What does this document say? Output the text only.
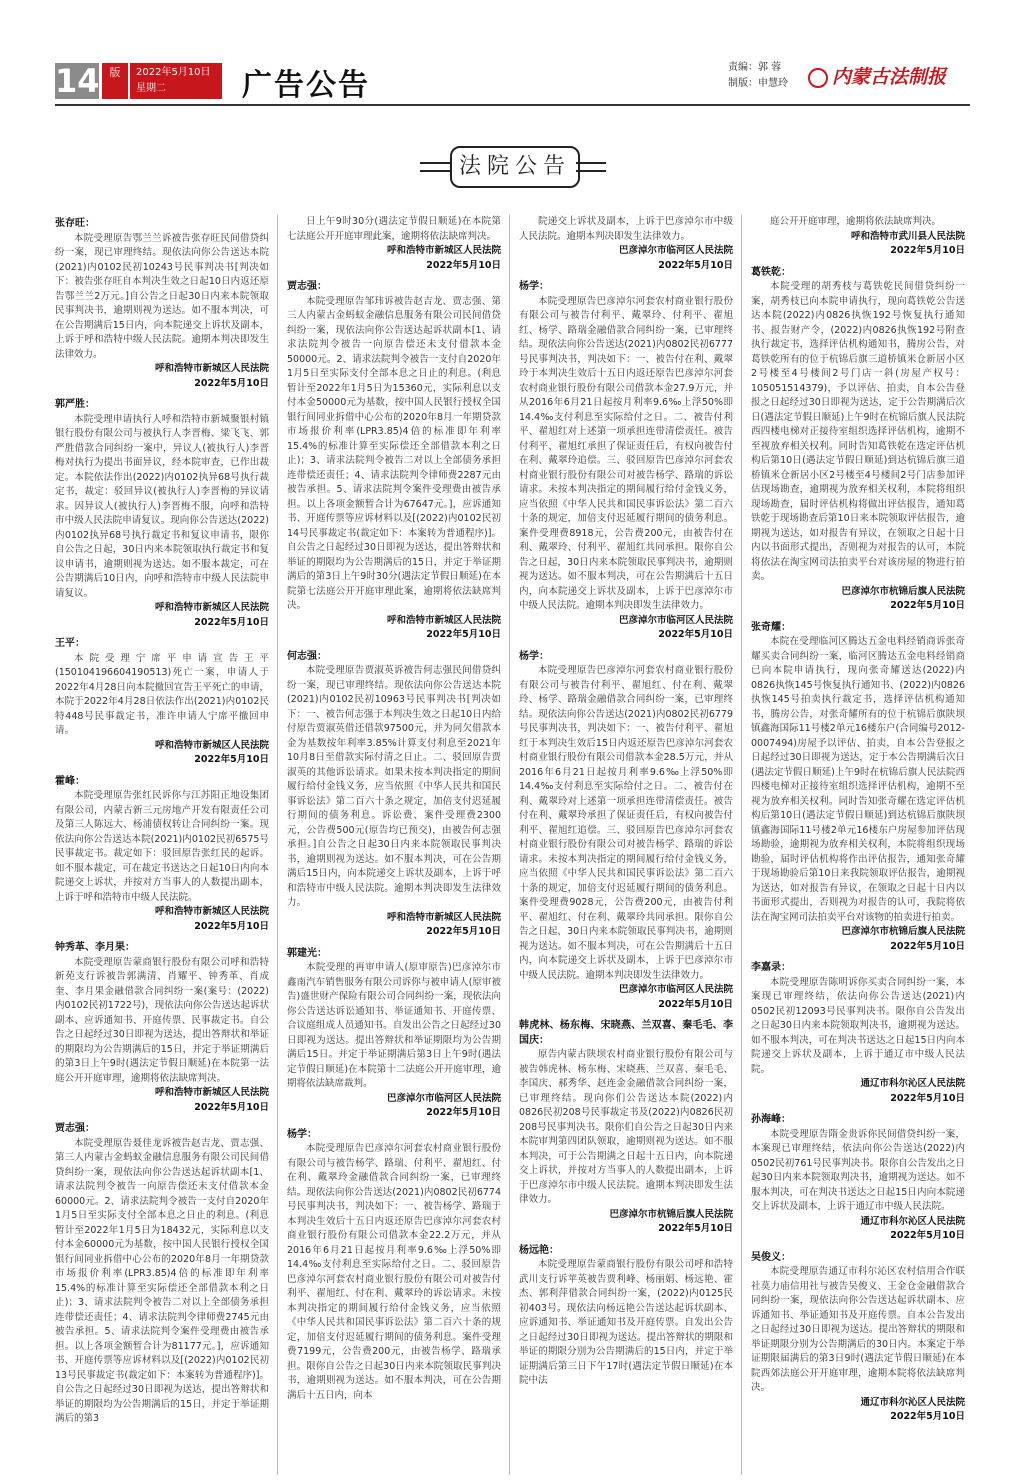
14 版	2022年5月10日
星期二	广告公告
责编：郭 蓉
制版：申慧玲	内蒙古法制报
法院公告

张存旺：

本院受理原告鄂兰兰诉被告张存旺民间借贷纠纷一案，现已审理终结。现依法向你公告送达本院(2021)内0102民初10243号民事判决书[判决如下：被告张存旺自本判决生效之日起10日内返还原告鄂兰兰2万元。]自公告之日起30日内来本院领取民事判决书，逾期则视为送达。如不服本判决，可在公告期满后15日内，向本院递交上诉状及副本，上诉于呼和浩特中级人民法院。逾期本判决即发生法律效力。

呼和浩特市新城区人民法院

2022年5月10日

郭严胜：

本院受理申请执行人呼和浩特市新城聚银村镇银行股份有限公司与被执行人李晋梅、梁飞飞、郭严胜借款合同纠纷一案中，异议人(被执行人)李晋梅对执行为提出书面异议，经本院审查，已作出裁定。本院依法作出(2022)内0102执异68号执行裁定书，裁定：驳回异议(被执行人)李晋梅的异议请求。因异议人(被执行人)李晋梅不服，向呼和浩特市中级人民法院申请复议。现向你公告送达(2022)内0102执异68号执行裁定书和复议申请书，限你自公告之日起，30日内来本院领取执行裁定书和复议申请书，逾期则视为送达。如不服本裁定，可在公告期满后10日内，向呼和浩特市中级人民法院申请复议。

呼和浩特市新城区人民法院

2022年5月10日

王平：

本院受理宁席平申请宣告王平(150104196604190513)死亡一案，申请人于2022年4月28日向本院撤回宣告王平死亡的申请，本院于2022年4月28日依法作出(2021)内0102民特448号民事裁定书，准许申请人宁席平撤回申请。

呼和浩特市新城区人民法院

2022年5月10日

霍峰：

本院受理原告张红民诉你与江苏阳正地设集团有限公司，内蒙古新三元房地产开发有限责任公司及第三人陈远大、杨浦债权转让合同纠纷一案。现依法向你公告送达本院(2021)内0102民初6575号民事裁定书。裁定如下：驳回原告张红民的起诉。如不服本裁定，可在裁定书送达之日起10日内向本院递交上诉状，并按对方当事人的人数提出副本，上诉于呼和浩特市中级人民法院。

呼和浩特市新城区人民法院

2022年5月10日

钟秀革、李月果：

本院受理原告蒙商银行股份有限公司呼和浩特新苑支行诉被告郭满清、肖耀平、钟秀革、肖成奎、李月果金融借款合同纠纷一案(案号：(2022)内0102民初1722号)，现依法向你公告送达起诉状副本、应诉通知书、开庭传票、民事裁定书。自公告之日起经过30日即视为送达，提出答辩状和举证的期限均为公告期满后的15日，并定于举证期满后的第3日上午9时(遇法定节假日顺延)在本院第一法庭公开开庭审理，逾期将依法缺席判决。

呼和浩特市新城区人民法院

2022年5月10日

贾志强：

本院受理原告聂佳龙诉被告赵吉龙、贾志强、第三人内蒙古金蚂蚁金融信息服务有限公司民间借贷纠纷一案，现依法向你公告送达起诉状副本[1、请求法院判令被告一向原告偿还未支付借款本金60000元。2、请求法院判令被告一支付自2020年1月5日至实际支付全部本息之日止的利息。(利息暂计至2022年1月5日为18432元，实际利息以支付本金60000元为基数，按中国人民银行授权全国银行间同业拆借中心公布的2020年8月一年期贷款市场报价利率(LPR3.85)4倍的标准即年利率15.4%的标准计算至实际偿还全部借款本利之日止)；3、请求法院判令被告二对以上全部债务承担连带偿还责任；4、请求法院判令律师费2745元由被告承担。5、请求法院判令案件受理费由被告承担。以上各项金额暂合计为81177元。]，应诉通知书、开庭传票等应诉材料以及[(2022)内0102民初13号民事裁定书(裁定如下：本案转为普通程序)]。自公告之日起经过30日即视为送达，提出答辩状和举证的期限均为公告期满后的15日，并定于举证期满后的第3

日上午9时30分(遇法定节假日顺延)在本院第七法庭公开开庭审理此案，逾期将依法缺席判决。

呼和浩特市新城区人民法院

2022年5月10日

贾志强：

本院受理原告邹玮诉被告赵吉龙、贾志强、第三人内蒙古金蚂蚁金融信息服务有限公司民间借贷纠纷一案，现依法向你公告送达起诉状副本[1、请求法院判令被告一向原告偿还未支付借款本金50000元。2、请求法院判令被告一支付自2020年1月5日至实际支付全部本息之日止的利息。(利息暂计至2022年1月5日为15360元，实际利息以支付本金50000元为基数，按中国人民银行授权全国银行间同业拆借中心公布的2020年8月一年期贷款市场报价利率(LPR3.85)4倍的标准即年利率15.4%的标准计算至实际偿还全部借款本利之日止)；3、请求法院判令被告二对以上全部债务承担连带偿还责任；4、请求法院判令律师费2287元由被告承担。5、请求法院判令案件受理费由被告承担。以上各项金额暂合计为67647元。]，应诉通知书、开庭传票等应诉材料以及[(2022)内0102民初14号民事裁定书(裁定如下：本案转为普通程序)]。自公告之日起经过30日即视为送达，提出答辩状和举证的期限均为公告期满后的15日，并定于举证期满后的第3日上午9时30分(遇法定节假日顺延)在本院第七法庭公开开庭审理此案，逾期将依法缺席判决。

呼和浩特市新城区人民法院

2022年5月10日

何志强：

本院受理原告贾淑英诉被告何志强民间借贷纠纷一案，现已审理终结。现依法向你公告送达本院(2021)内0102民初10963号民事判决书[判决如下：一、被告何志强于本判决生效之日起10日内给付原告贾淑英借还借款97500元，并为同欠借款本金为基数按年利率3.85%计算支付利息至2021年10月8日至借款实际付清之日止。二、驳回原告贾淑英的其他诉讼请求。如果未按本判决指定的期间履行给付金钱义务，应当依照《中华人民共和国民事诉讼法》第二百六十条之规定，加倍支付迟延履行期间的债务利息。诉讼费、案件受理费2300元，公告费500元(原告均已预交)，由被告何志强承担。]自公告之日起30日内来本院领取民事判决书，逾期则视为送达。如不服本判决，可在公告期满后15日内，向本院递交上诉状及副本，上诉于呼和浩特市中级人民法院。逾期本判决即发生法律效力。

呼和浩特市新城区人民法院

2022年5月10日

郭建光：

本院受理的再审申请人(原审原告)巴彦淖尔市鑫南汽车销售服务有限公司诉你与被申请人(原审被告)盛世财产保险有限公司合同纠纷一案，现依法向你公告送达诉讼通知书、举证通知书、开庭传票、合议庭组成人员通知书。自发出公告之日起经过30日即视为送达。提出答辩状和举证期限均为公告期满后15日。并定于举证期满后第3日上午9时(遇法定节假日顺延)在本院第十二法庭公开开庭审理，逾期将依法缺席裁判。

巴彦淖尔市临河区人民法院

2022年5月10日

杨学：

本院受理原告巴彦淖尔河套农村商业银行股份有限公司与被告杨学、路瑞、付利平、翟旭红、付在利、戴翠玲金融借款合同纠纷一案，已审理终结。现依法向你公告送达(2021)内0802民初6774号民事判决书，判决如下：一、被告杨学、路瑞于本判决生效后十五日内返还原告巴彦淖尔河套农村商业银行股份有限公司借款本金22.2万元，并从2016年6月21日起按月利率9.6‰上浮50%即14.4‰支付利息至实际给付之日。二、驳回原告巴彦淖尔河套农村商业银行股份有限公司对被告付利平、翟旭红、付在利、戴翠玲的诉讼请求。未按本判决指定的期间履行给付金钱义务，应当依照《中华人民共和国民事诉讼法》第二百六十条的规定，加倍支付迟延履行期间的债务利息。案件受理费7199元，公告费200元，由被告杨学、路瑞承担。限你自公告之日起30日内来本院领取民事判决书，逾期则视为送达。如不服本判决，可在公告期满后十五日内，向本

院递交上诉状及副本，上诉于巴彦淖尔市中级人民法院。逾期本判决即发生法律效力。

巴彦淖尔市临河区人民法院

2022年5月10日

杨学：

本院受理原告巴彦淖尔河套农村商业银行股份有限公司与被告付利平、戴翠玲、付利平、翟旭红、杨学、路瑞金融借款合同纠纷一案，已审理终结。现依法向你公告送达(2021)内0802民初6777号民事判决书，判决如下：一、被告付在利、戴翠玲于本判决生效后十五日内返还原告巴彦淖尔河套农村商业银行股份有限公司借款本金27.9万元，并从2016年6月21日起按月利率9.6‰上浮50%即14.4‰支付利息至实际给付之日。二、被告付利平、翟旭红对上述第一项承担连带清偿责任。被告付利平、翟旭红承担了保证责任后，有权向被告付在利、戴翠玲追偿。三、驳回原告巴彦淖尔河套农村商业银行股份有限公司对被告杨学、路瑞的诉讼请求。未按本判决指定的期间履行给付金钱义务，应当依照《中华人民共和国民事诉讼法》第二百六十条的规定，加倍支付迟延履行期间的债务利息。案件受理费8918元，公告费200元，由被告付在利、戴翠玲、付利平、翟旭红共同承担。限你自公告之日起，30日内来本院领取民事判决书，逾期则视为送达。如不服本判决，可在公告期满后十五日内，向本院递交上诉状及副本，上诉于巴彦淖尔市中级人民法院。逾期本判决即发生法律效力。

巴彦淖尔市临河区人民法院

2022年5月10日

杨学：

本院受理原告巴彦淖尔河套农村商业银行股份有限公司与被告付利平、翟旭红、付在利、戴翠玲、杨学、路瑞金融借款合同纠纷一案，已审理终结。现依法向你公告送达(2021)内0802民初6779号民事判决书，判决如下：一、被告付利平、翟旭红于本判决生效后15日内返还原告巴彦淖尔河套农村商业银行股份有限公司借款本金28.5万元，并从2016年6月21日起按月利率9.6‰上浮50%即14.4‰支付利息至实际给付之日。二、被告付在利、戴翠玲对上述第一项承担连带清偿责任。被告付在利、戴翠玲承担了保证责任后，有权向被告付利平、翟旭红追偿。三、驳回原告巴彦淖尔河套农村商业银行股份有限公司对被告杨学、路瑞的诉讼请求。未按本判决指定的期间履行给付金钱义务，应当依照《中华人民共和国民事诉讼法》第二百六十条的规定，加倍支付迟延履行期间的债务利息。案件受理费9028元，公告费200元，由被告付利平、翟旭红、付在利、戴翠玲共同承担。限你自公告之日起，30日内来本院领取民事判决书，逾期则视为送达。如不服本判决，可在公告期满后十五日内，向本院递交上诉状及副本，上诉于巴彦淖尔市中级人民法院。逾期本判决即发生法律效力。

巴彦淖尔市临河区人民法院

2022年5月10日

韩虎林、杨东梅、宋晓燕、兰双喜、秦毛毛、李国庆：

原告内蒙古陕坝农村商业银行股份有限公司与被告韩虎林、杨东梅、宋晓燕、兰双喜、秦毛毛、李国庆、郝秀华、赵连金金融借款合同纠纷一案，已审理终结。现向你们公告送达本院(2022)内0826民初208号民事裁定书及(2022)内0826民初208号民事判决书。限你们自公告之日起30日内来本院审判第四团队领取，逾期则视为送达。如不服本判决，可于公告期满之日起十五日内，向本院递交上诉状，并按对方当事人的人数提出副本，上诉于巴彦淖尔市中级人民法院。逾期本判决即发生法律效力。

巴彦淖尔市杭锦后旗人民法院

2022年5月10日

杨远艳：

本院受理原告蒙商银行股份有限公司呼和浩特武川支行诉苹英被告贾利峰、杨丽娟、杨远艳、霍杰、郭利萍借款合同纠纷一案，(2022)内0125民初403号。现依法向杨远艳公告送达起诉状副本、应诉通知书、举证通知书及开庭传票。自发出公告之日起经过30日即视为送达。提出答辩状的期限和举证的期限分别为公告期满后的15日内，并定于举证期满后第三日下午17时(遇法定节假日顺延)在本院中法

庭公开开庭审理，逾期将依法缺席判决。

呼和浩特市武川县人民法院

2022年5月10日

葛铁乾：

本院受理的胡秀枝与葛铁乾民间借贷纠纷一案，胡秀枝已向本院申请执行，现向葛铁乾公告送达本院(2022)内0826执恢192号恢复执行通知书、报告财产令，(2022)内0826执恢192号附查执行裁定书，选择评估机构通知书，腾房公告，对葛铁乾所有的位于杭锦后旗三道桥镇米仓新居小区2号楼至4号楼间2号门店一斜(房屋产权号：105051514379)，予以评估、拍卖，自本公告登报之日起经过30日即视为送达，定于公告期满后次日(遇法定节假日顺延)上午9时在杭锦后旗人民法院西四楼电梯对正接待室组织选择评估机构，逾期不至视放弃相关权利。同时告知葛铁乾在选定评估机构后第10日(遇法定节假日顺延)到达杭锦后旗三道桥镇米仓新居小区2号楼至4号楼间2号门店参加评估现场勘查，逾期视为放弃相关权利，本院将组织现场勘查，届时评估机构将做出评估报告，通知葛铁乾于现场勘查后第10日来本院领取评估报告，逾期视为送达，如对报告有异议，在领取之日起十日内以书面形式提出，否则视为对报告的认可，本院将依法在淘宝网司法拍卖平台对该房屋的物进行拍卖。

巴彦淖尔市杭锦后旗人民法院

2022年5月10日

张奇耀：

本院在受理临河区腾达五金电料经销商诉张奇耀买卖合同纠纷一案，临河区腾达五金电料经销商已向本院申请执行，现向张奇耀送达(2022)内0826执恢145号恢复执行通知书、(2022)内0826执恢145号拍卖执行裁定书，选择评估机构通知书，腾房公告，对张奇耀所有的位于杭锦后旗陕坝镇鑫海国际11号楼2单元16楼东户(合同编号2012-0007494)房屋予以评估、拍卖，自本公告登报之日起经过30日即视为送达，定于本公告期满后次日(遇法定节假日顺延)上午9时在杭锦后旗人民法院西四楼电梯对正接待室组织选择评估机构，逾期不至视为放弃相关权利。同时告知张奇耀在选定评估机构后第10日(遇法定节假日顺延)到达杭锦后旗陕坝镇鑫海国际11号楼2单元16楼东户房屋参加评估现场勘验，逾期视为放弃相关权利，本院将组织现场勘验，届时评估机构将作出评估报告，通知张奇耀于现场勘验后第10日来我院领取评估报告，逾期视为送达，如对报告有异议，在领取之日起十日内以书面形式提出，否则视为对报告的认可，我院将依法在淘宝网司法拍卖平台对该物的拍卖进行拍卖。

巴彦淖尔市杭锦后旗人民法院

2022年5月10日

李嘉录：

本院受理原告陈明诉你买卖合同纠纷一案，本案现已审理终结，依法向你公告送达(2021)内0502民初12093号民事判决书。限你自公告发出之日起30日内来本院领取判决书，逾期视为送达。如不服本判决，可在判决书送达之日起15日内向本院递交上诉状及副本，上诉于通辽市中级人民法院。

通辽市科尔沁区人民法院

2022年5月10日

孙海峰：

本院受理原告隋金贵诉你民间借贷纠纷一案，本案现已审理终结，依法向你公告送达(2022)内0502民初761号民事判决书。限你自公告发出之日起30日内来本院领取判决书，逾期视为送达。如不服本判决，可在判决书送达之日起15日内向本院递交上诉状及副本，上诉于通辽市中级人民法院。

通辽市科尔沁区人民法院

2022年5月10日

吴俊义：

本院受理原告通辽市科尔沁区农村信用合作联社莫力庙信用社与被告吴俊义、王金仓金融借款合同纠纷一案，现依法向你公告送达起诉状副本、应诉通知书、举证通知书及开庭传票。自本公告发出之日起经过30日即视为送达。提出答辩状的期限和举证期限分别为公告期满后的30日内。本案定于举证期限届满后的第3日9时(遇法定节假日顺延)在本院西郊法庭公开开庭审理，逾期本院将依法缺席判决。

通辽市科尔沁区人民法院

2022年5月10日
